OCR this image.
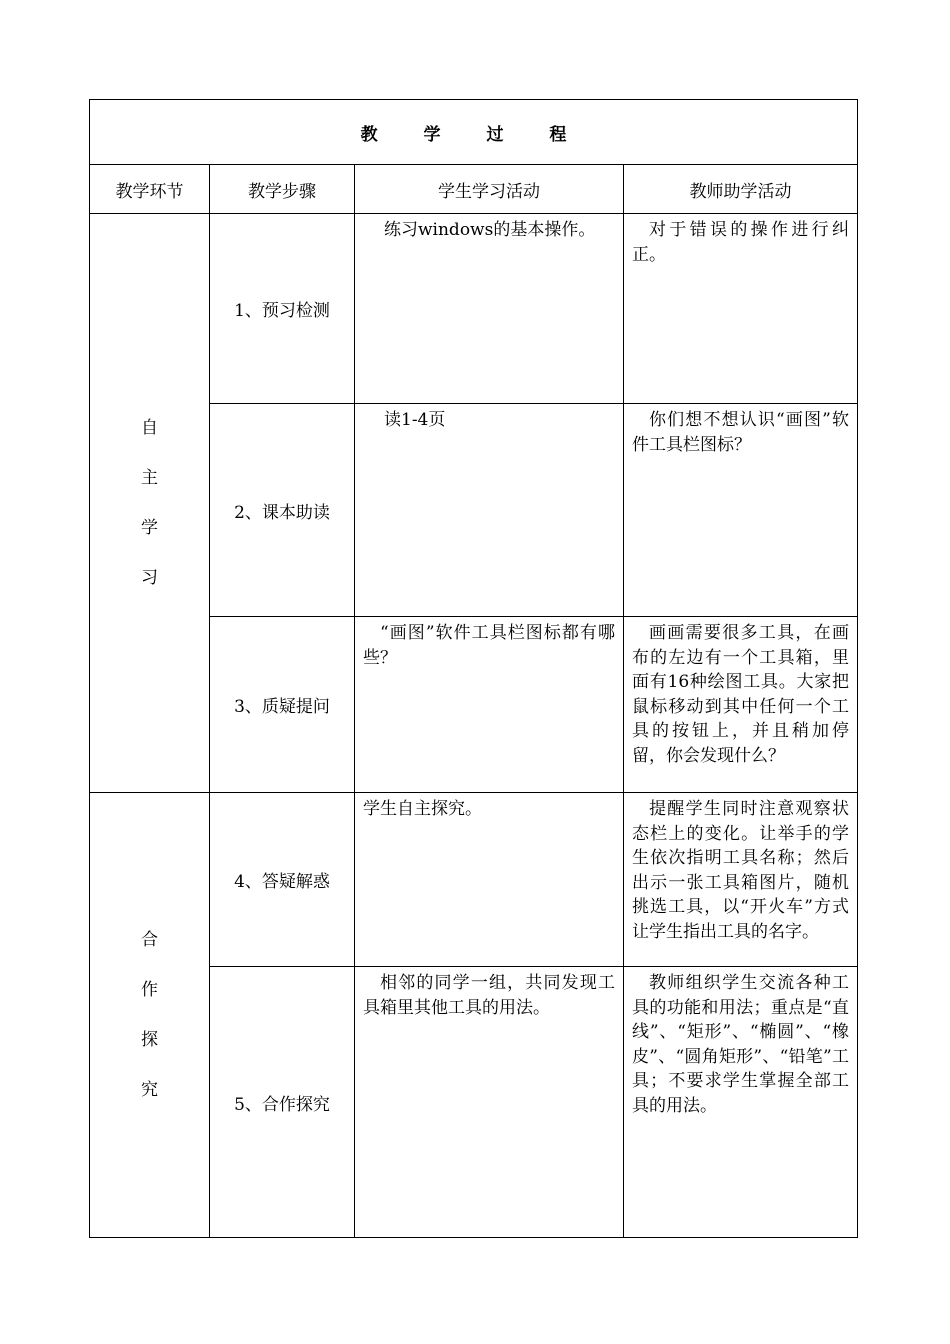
教 学 过 程			
教学环节	教学步骤	学生学习活动	教师助学活动

自
主
学
习	1、预习检测	练习windows的基本操作。	对于错误的操作进行纠正。
	2、课本助读	读1-4页	你们想不想认识“画图”软件工具栏图标？
	3、质疑提问	“画图”软件工具栏图标都有哪些？	画画需要很多工具，在画布的左边有一个工具箱，里面有16种绘图工具。大家把鼠标移动到其中任何一个工具的按钮上，并且稍加停留，你会发现什么？

合
作
探
究	4、答疑解惑	学生自主探究。	提醒学生同时注意观察状态栏上的变化。让举手的学生依次指明工具名称；然后出示一张工具箱图片，随机挑选工具，以“开火车”方式让学生指出工具的名字。
	5、合作探究	相邻的同学一组，共同发现工具箱里其他工具的用法。	教师组织学生交流各种工具的功能和用法；重点是“直线”、“矩形”、“椭圆”、“橡皮”、“圆角矩形”、“铅笔”工具；不要求学生掌握全部工具的用法。
